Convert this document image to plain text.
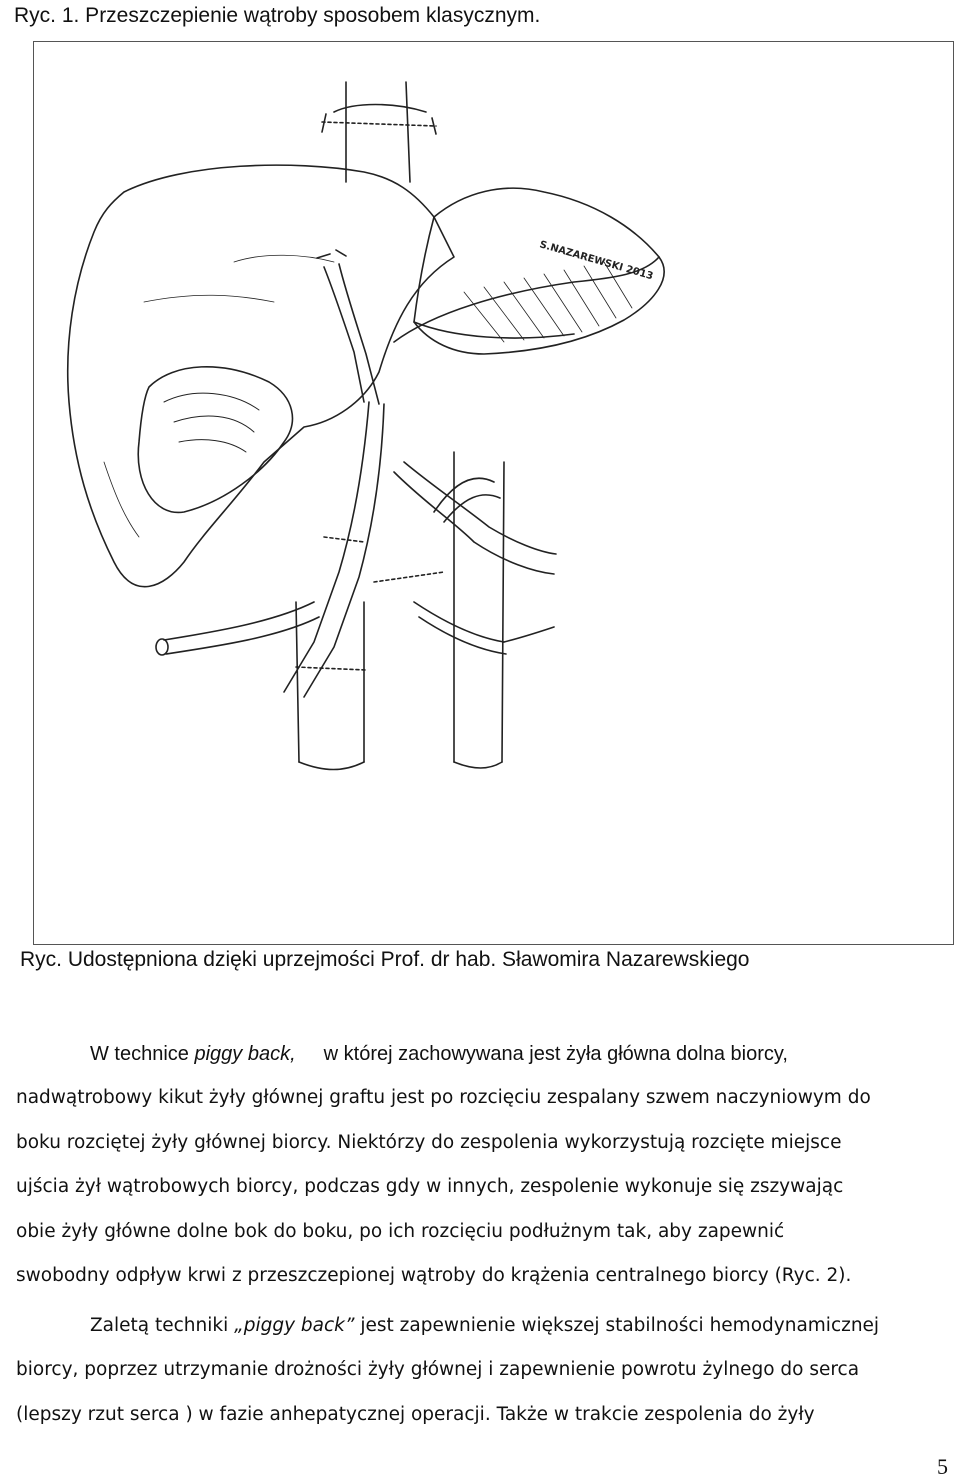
Ryc. 1. Przeszczepienie wątroby sposobem klasycznym.
S.NAZAREWSKI 2013
Ryc. Udostępniona dzięki uprzejmości Prof. dr hab. Sławomira Nazarewskiego
W technice piggy back, w której zachowywana jest żyła główna dolna biorcy,
nadwątrobowy kikut żyły głównej graftu jest po rozcięciu zespalany szwem naczyniowym do
boku rozciętej żyły głównej biorcy. Niektórzy do zespolenia wykorzystują rozcięte miejsce
ujścia żył wątrobowych biorcy, podczas gdy w innych, zespolenie wykonuje się zszywając
obie żyły główne dolne bok do boku, po ich rozcięciu podłużnym tak, aby zapewnić
swobodny odpływ krwi z przeszczepionej wątroby do krążenia centralnego biorcy (Ryc. 2).
Zaletą techniki „piggy back” jest zapewnienie większej stabilności hemodynamicznej
biorcy, poprzez utrzymanie drożności żyły głównej i zapewnienie powrotu żylnego do serca
(lepszy rzut serca ) w fazie anhepatycznej operacji. Także w trakcie zespolenia do żyły
5
